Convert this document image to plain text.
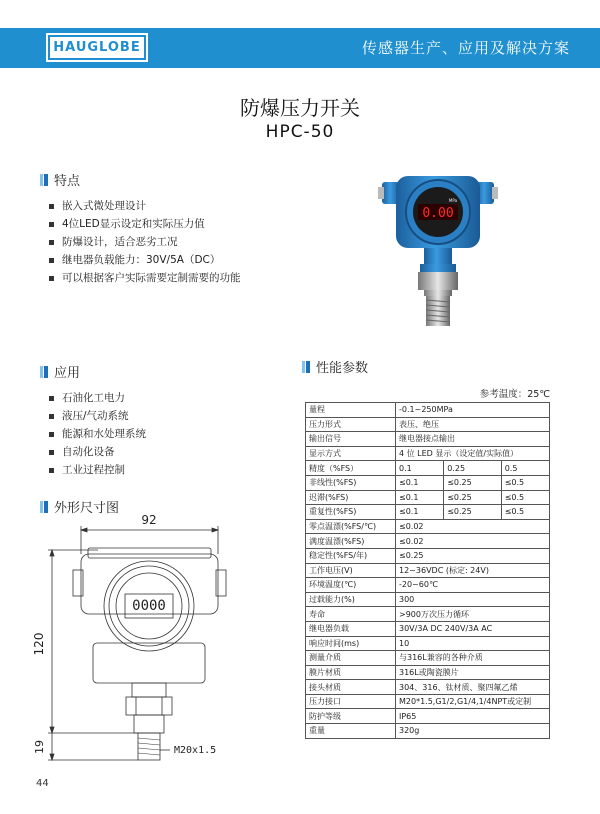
HAUGLOBE	传感器生产、应用及解决方案
防爆压力开关
HPC-50
特点
嵌入式微处理设计
4位LED显示设定和实际压力值
防爆设计，适合恶劣工况
继电器负载能力：30V/5A（DC）
可以根据客户实际需要定制需要的功能
0.00
MPa
应用
石油化工电力
液压/气动系统
能源和水处理系统
自动化设备
工业过程控制
外形尺寸图
0000
92
120
19	M20x1.5
性能参数
参考温度：25℃
量程	-0.1~250MPa		
压力形式	表压、绝压		
输出信号	继电器接点输出		
显示方式	4 位 LED 显示（设定值/实际值）		
精度（%FS）	0.1	0.25	0.5
非线性(%FS)	≤0.1	≤0.25	≤0.5
迟滞(%FS)	≤0.1	≤0.25	≤0.5
重复性(%FS)	≤0.1	≤0.25	≤0.5
零点温漂(%FS/℃)	≤0.02		
满度温漂(%FS)	≤0.02		
稳定性(%FS/年)	≤0.25		
工作电压(V)	12~36VDC (标定: 24V)		
环境温度(℃)	-20~60℃		
过载能力(%)	300		
寿命	>900万次压力循环		
继电器负载	30V/3A DC 240V/3A AC		
响应时间(ms)	10		
测量介质	与316L兼容的各种介质		
膜片材质	316L或陶瓷膜片		
接头材质	304、316、钛材质、聚四氟乙烯		
压力接口	M20*1.5,G1/2,G1/4,1/4NPT或定制		
防护等级	IP65		
重量	320g		
44
